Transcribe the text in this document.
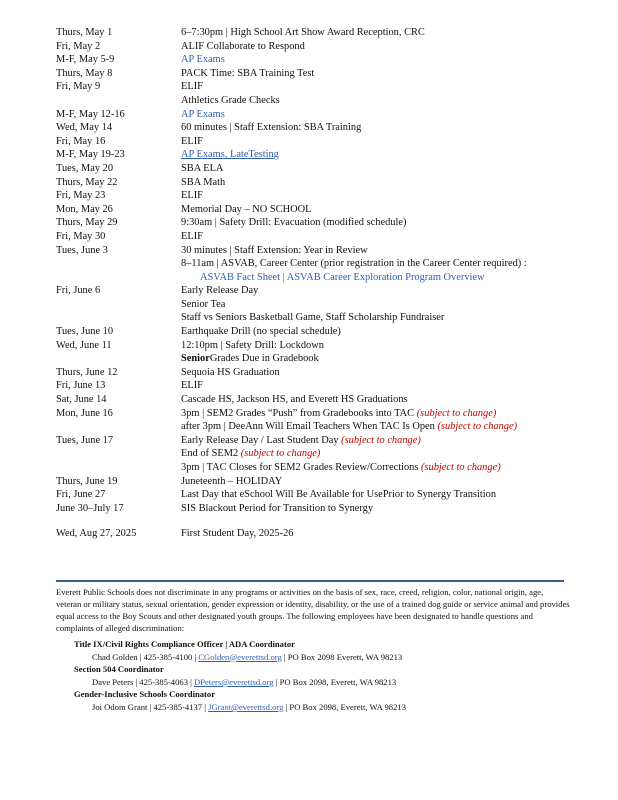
Thurs, May 1	6–7:30pm | High School Art Show Award Reception, CRC
Fri, May 2	ALIF Collaborate to Respond
M-F, May 5-9	AP Exams
Thurs, May 8	PACK Time: SBA Training Test
Fri, May 9	ELIF
Athletics Grade Checks
M-F, May 12-16	AP Exams
Wed, May 14	60 minutes | Staff Extension: SBA Training
Fri, May 16	ELIF
M-F, May 19-23	AP Exams, LateTesting
Tues, May 20	SBA ELA
Thurs, May 22	SBA Math
Fri, May 23	ELIF
Mon, May 26	Memorial Day – NO SCHOOL
Thurs, May 29	9:30am | Safety Drill: Evacuation (modified schedule)
Fri, May 30	ELIF
Tues, June 3	30 minutes | Staff Extension: Year in Review
8–11am | ASVAB, Career Center (prior registration in the Career Center required) :
ASVAB Fact Sheet | ASVAB Career Exploration Program Overview
Fri, June 6	Early Release Day
Senior Tea
Staff vs Seniors Basketball Game, Staff Scholarship Fundraiser
Tues, June 10	Earthquake Drill (no special schedule)
Wed, June 11	12:10pm | Safety Drill: Lockdown
SeniorGrades Due in Gradebook
Thurs, June 12	Sequoia HS Graduation
Fri, June 13	ELIF
Sat, June 14	Cascade HS, Jackson HS, and Everett HS Graduations
Mon, June 16	3pm | SEM2 Grades “Push” from Gradebooks into TAC (subject to change)
after 3pm | DeeAnn Will Email Teachers When TAC Is Open (subject to change)
Tues, June 17	Early Release Day / Last Student Day (subject to change)
End of SEM2 (subject to change)
3pm | TAC Closes for SEM2 Grades Review/Corrections (subject to change)
Thurs, June 19	Juneteenth – HOLIDAY
Fri, June 27	Last Day that eSchool Will Be Available for UsePrior to Synergy Transition
June 30–July 17	SIS Blackout Period for Transition to Synergy
Wed, Aug 27, 2025	First Student Day, 2025-26
Everett Public Schools does not discriminate in any programs or activities on the basis of sex, race, creed, religion, color, national origin, age, veteran or military status, sexual orientation, gender expression or identity, disability, or the use of a trained dog guide or service animal and provides equal access to the Boy Scouts and other designated youth groups. The following employees have been designated to handle questions and complaints of alleged discrimination:
Title IX/Civil Rights Compliance Officer | ADA Coordinator
Chad Golden | 425-385-4100 | CGolden@everettsd.org | PO Box 2098 Everett, WA 98213
Section 504 Coordinator
Dave Peters | 425-385-4063 | DPeters@everettsd.org | PO Box 2098, Everett, WA 98213
Gender-Inclusive Schools Coordinator
Joi Odom Grant | 425-385-4137 | JGrant@everettsd.org | PO Box 2098, Everett, WA 98213
